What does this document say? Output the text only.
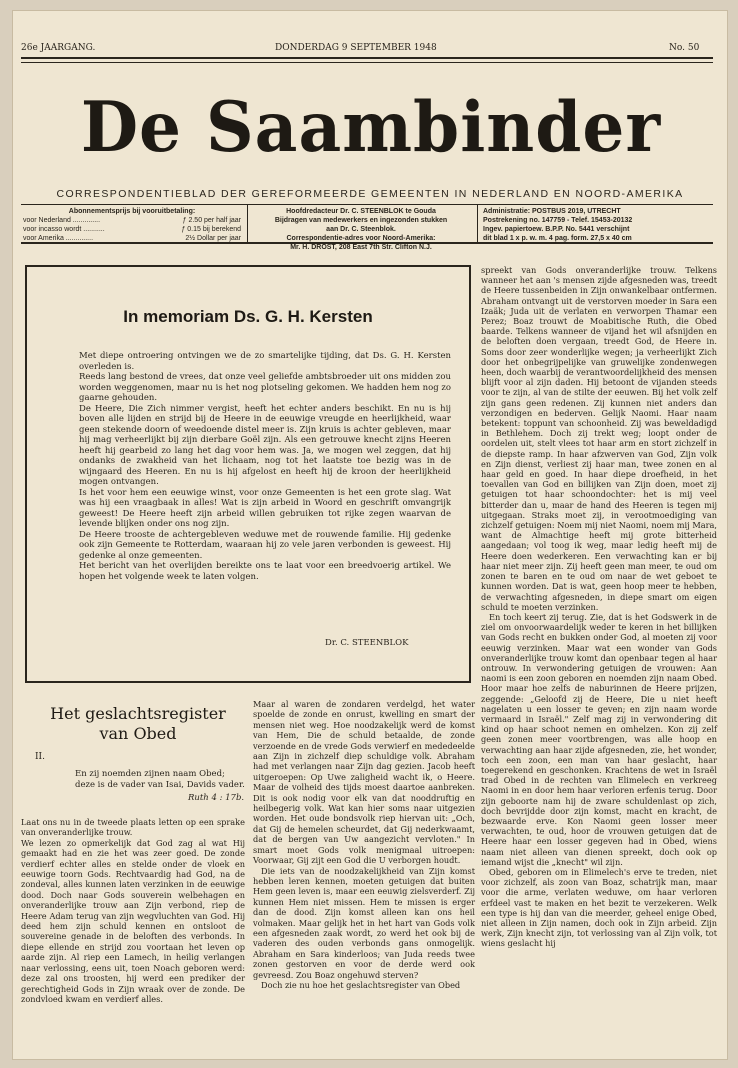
26e JAARGANG.	DONDERDAG 9 SEPTEMBER 1948	No. 50
De Saambinder
CORRESPONDENTIEBLAD DER GEREFORMEERDE GEMEENTEN IN NEDERLAND EN NOORD-AMERIKA
Abonnementsprijs bij vooruitbetaling:
voor Nederland ..............	ƒ 2.50 per half jaar
voor incasso wordt ...........	ƒ 0.15 bij berekend
voor Amerika ..............	2½ Dollar per jaar
Hoofdredacteur Dr. C. STEENBLOK te Gouda
Bijdragen van medewerkers en ingezonden stukken
aan Dr. C. Steenblok.
Correspondentie-adres voor Noord-Amerika:
Mr. H. DROST, 208 East 7th Str. Clifton N.J.
Administratie: POSTBUS 2019, UTRECHT
Postrekening no. 147759 - Telef. 15453-20132
Ingev. papiertoew. B.P.P. No. 5441 verschijnt
dit blad 1 x p. w. m. 4 pag. form. 27,5 x 40 cm
In memoriam Ds. G. H. Kersten

Met diepe ontroering ontvingen we de zo smartelijke tijding, dat Ds. G. H. Kersten overleden is.

Reeds lang bestond de vrees, dat onze veel geliefde ambtsbroeder uit ons midden zou worden weggenomen, maar nu is het nog plotseling gekomen. We hadden hem nog zo gaarne gehouden.

De Heere, Die Zich nimmer vergist, heeft het echter anders beschikt. En nu is hij boven alle lijden en strijd bij de Heere in de eeuwige vreugde en heerlijkheid, waar geen stekende doorn of weedoende distel meer is. Zijn kruis is achter gebleven, maar hij mag verheerlijkt bij zijn dierbare Goël zijn. Als een getrouwe knecht zijns Heeren heeft hij gearbeid zo lang het dag voor hem was. Ja, we mogen wel zeggen, dat hij ondanks de zwakheid van het lichaam, nog tot het laatste toe bezig was in de wijngaard des Heeren. En nu is hij afgelost en heeft hij de kroon der heerlijkheid mogen ontvangen.

Is het voor hem een eeuwige winst, voor onze Gemeenten is het een grote slag. Wat was hij een vraagbaak in alles! Wat is zijn arbeid in Woord en geschrift omvangrijk geweest! De Heere heeft zijn arbeid willen gebruiken tot rijke zegen waarvan de levende blijken onder ons nog zijn.

De Heere trooste de achtergebleven weduwe met de rouwende familie. Hij gedenke ook zijn Gemeente te Rotterdam, waaraan hij zo vele jaren verbonden is geweest. Hij gedenke al onze gemeenten.

Het bericht van het overlijden bereikte ons te laat voor een breedvoerig artikel. We hopen het volgende week te laten volgen.

Dr. C. STEENBLOK

spreekt van Gods onveranderlijke trouw. Telkens wanneer het aan 's mensen zijde afgesneden was, treedt de Heere tussenbeiden in Zijn onwankelbaar ontfermen. Abraham ontvangt uit de verstorven moeder in Sara een Izaäk; Juda uit de verlaten en verworpen Thamar een Perez; Boaz trouwt de Moabitische Ruth, die Obed baarde. Telkens wanneer de vijand het wil afsnijden en de beloften doen vergaan, treedt God, de Heere in. Soms door zeer wonderlijke wegen; ja verheerlijkt Zich door het onbegrijpelijke van gruwelijke zondenwegen heen, doch waarbij de verantwoordelijkheid des mensen blijft voor al zijn daden. Hij betoont de vijanden steeds voor te zijn, al van de stilte der eeuwen. Bij het volk zelf zijn gans geen redenen. Zij kunnen niet anders dan verzondigen en bederven. Gelijk Naomi. Haar naam betekent: toppunt van schoonheid. Zij was beweldadigd in Bethlehem. Doch zij trekt weg; loopt onder de oordelen uit, stelt vlees tot haar arm en stort zichzelf in de diepste ramp. In haar afzwerven van God, Zijn volk en Zijn dienst, verliest zij haar man, twee zonen en al haar geld en goed. In haar diepe droefheid, in het toevallen van God en billijken van Zijn doen, moet zij getuigen tot haar schoondochter: het is mij veel bitterder dan u, maar de hand des Heeren is tegen mij uitgegaan. Straks moet zij, in verootmoediging van zichzelf getuigen: Noem mij niet Naomi, noem mij Mara, want de Almachtige heeft mij grote bitterheid aangedaan; vol toog ik weg, maar ledig heeft mij de Heere doen wederkeren. Een verwachting kan er bij haar niet meer zijn. Zij heeft geen man meer, te oud om zonen te baren en te oud om naar de wet geboet te kunnen worden. Dat is wat, geen hoop meer te hebben, de verwachting afgesneden, in diepe smart om eigen schuld te moeten verzinken.

En toch keert zij terug. Zie, dat is het Godswerk in de ziel om onvoorwaardelijk weder te keren in het billijken van Gods recht en bukken onder God, al moeten zij voor eeuwig verzinken. Maar wat een wonder van Gods onveranderlijke trouw komt dan openbaar tegen al haar ontrouw. In verwondering getuigen de vrouwen: Aan naomi is een zoon geboren en noemden zijn naam Obed. Hoor maar hoe zelfs de naburinnen de Heere prijzen, zeggende: „Geloofd zij de Heere, Die u niet heeft nagelaten u een losser te geven; en zijn naam worde vermaard in Israël." Zelf mag zij in verwondering dit kind op haar schoot nemen en omhelzen. Kon zij zelf geen zonen meer voortbrengen, was alle hoop en verwachting aan haar zijde afgesneden, zie, het wonder, toch een zoon, een man van haar geslacht, haar toegerekend en geschonken. Krachtens de wet in Israël trad Obed in de rechten van Elimelech en verkreeg Naomi in en door hem haar verloren erfenis terug. Door zijn geboorte nam hij de zware schuldenlast op zich, doch bevrijdde door zijn komst, macht en kracht, de bezwaarde erve. Kon Naomi geen losser meer verwachten, te oud, hoor de vrouwen getuigen dat de Heere haar een losser gegeven had in Obed, wiens naam niet alleen van dienen spreekt, doch ook op iemand wijst die „knecht" wil zijn.

Obed, geboren om in Elimelech's erve te treden, niet voor zichzelf, als zoon van Boaz, schatrijk man, maar voor die arme, verlaten weduwe, om haar verloren erfdeel vast te maken en het bezit te verzekeren. Welk een type is hij dan van die meerder, geheel enige Obed, niet alleen in Zijn namen, doch ook in Zijn arbeid. Zijn werk, Zijn knecht zijn, tot verlossing van al Zijn volk, tot wiens geslacht hij

Het geslachtsregister
van Obed
II.
En zij noemden zijnen naam Obed; deze is de vader van Isai, Davids vader.
Ruth 4 : 17b.

Laat ons nu in de tweede plaats letten op een sprake van onveranderlijke trouw.

We lezen zo opmerkelijk dat God zag al wat Hij gemaakt had en zie het was zeer goed. De zonde verdierf echter alles en stelde onder de vloek en eeuwige toorn Gods. Rechtvaardig had God, na de zondeval, alles kunnen laten verzinken in de eeuwige dood. Doch naar Gods souverein welbehagen en onveranderlijke trouw aan Zijn verbond, riep de Heere Adam terug van zijn wegvluchten van God. Hij deed hem zijn schuld kennen en ontsloot de souvereine genade in de beloften des verbonds. In diepe ellende en strijd zou voortaan het leven op aarde zijn. Al riep een Lamech, in heilig verlangen naar verlossing, eens uit, toen Noach geboren werd: deze zal ons troosten, hij werd een prediker der gerechtigheid Gods in Zijn wraak over de zonde. De zondvloed kwam en verdierf alles.

Maar al waren de zondaren verdelgd, het water spoelde de zonde en onrust, kwelling en smart der mensen niet weg. Hoe noodzakelijk werd de komst van Hem, Die de schuld betaalde, de zonde verzoende en de vrede Gods verwierf en mededeelde aan Zijn in zichzelf diep schuldige volk. Abraham had met verlangen naar Zijn dag gezien. Jacob heeft uitgeroepen: Op Uwe zaligheid wacht ik, o Heere. Maar de volheid des tijds moest daartoe aanbreken. Dit is ook nodig voor elk van dat nooddruftig en heilbegerig volk. Wat kan hier soms naar uitgezien worden. Het oude bondsvolk riep hiervan uit: „Och, dat Gij de hemelen scheurdet, dat Gij nederkwaamt, dat de bergen van Uw aangezicht vervloten." In smart moet Gods volk menigmaal uitroepen: Voorwaar, Gij zijt een God die U verborgen houdt.

Die iets van de noodzakelijkheid van Zijn komst hebben leren kennen, moeten getuigen dat buiten Hem geen leven is, maar een eeuwig zielsverderf. Zij kunnen Hem niet missen. Hem te missen is erger dan de dood. Zijn komst alleen kan ons heil volmaken. Maar gelijk het in het hart van Gods volk een afgesneden zaak wordt, zo werd het ook bij de vaderen des ouden verbonds gans onmogelijk. Abraham en Sara kinderloos; van Juda reeds twee zonen gestorven en voor de derde werd ook gevreesd. Zou Boaz ongehuwd sterven?

Doch zie nu hoe het geslachtsregister van Obed
